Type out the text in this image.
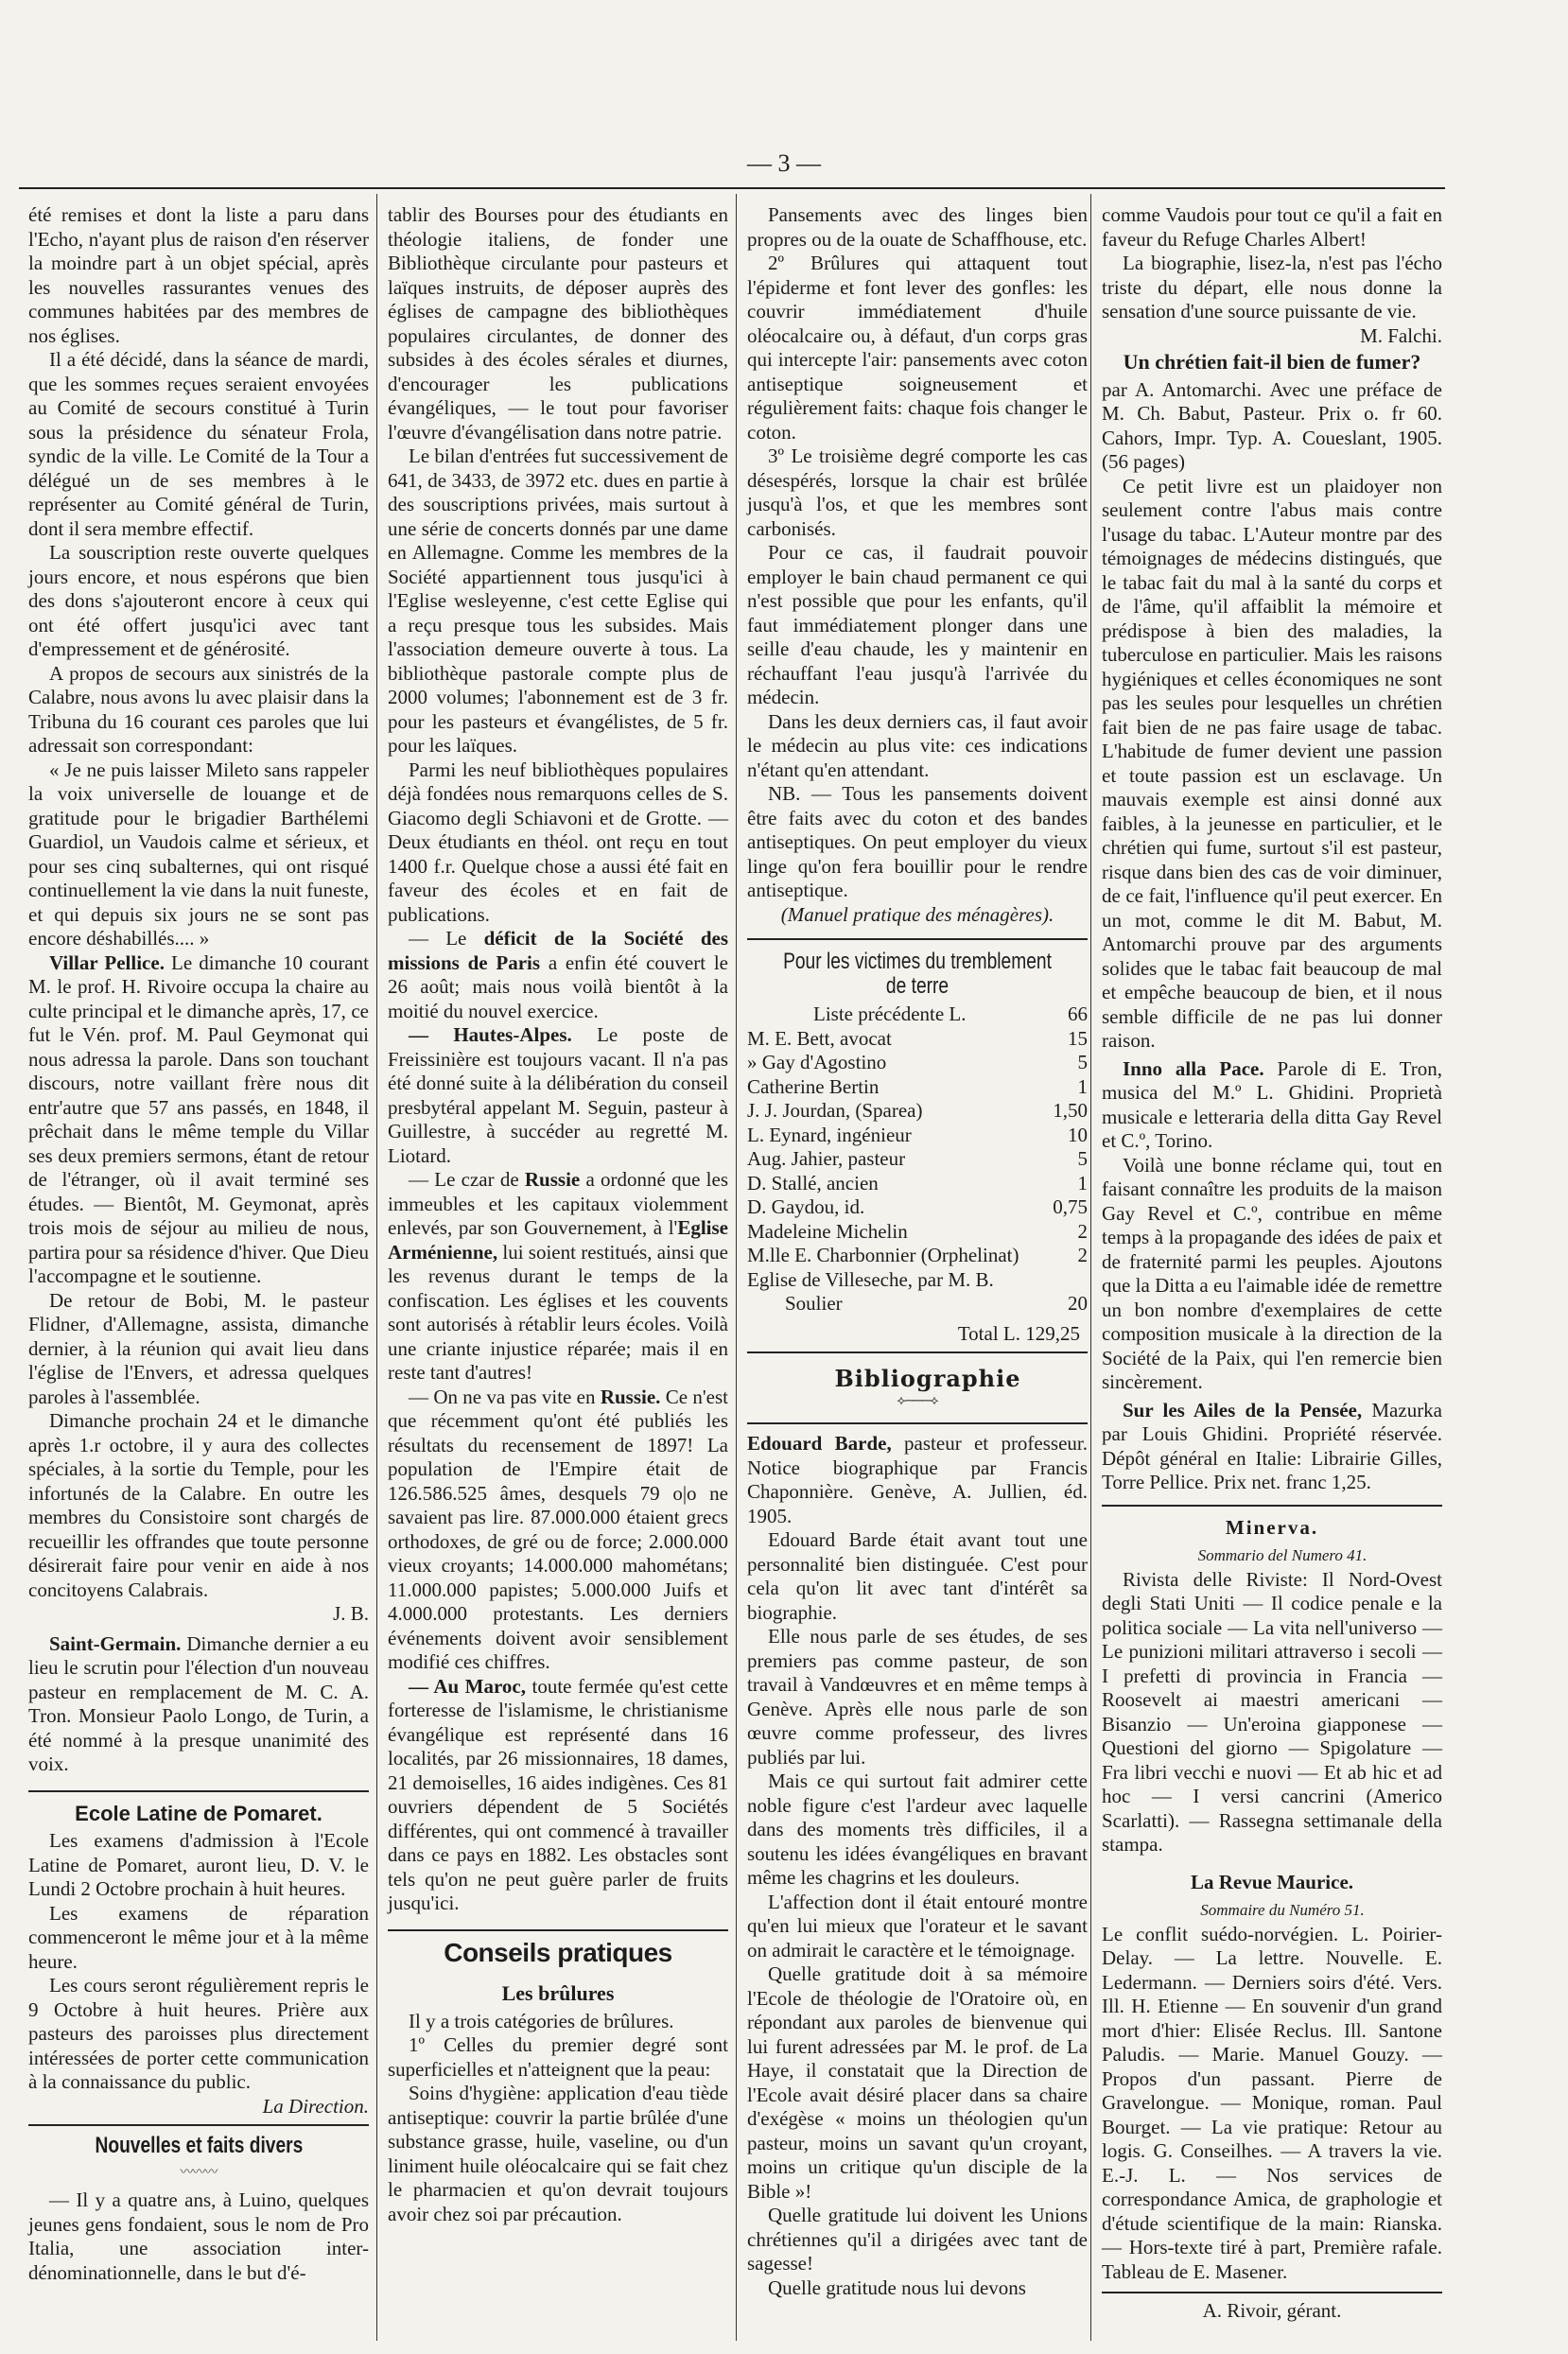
— 3 —

été remises et dont la liste a paru dans l'Echo, n'ayant plus de raison d'en réserver la moindre part à un objet spécial, après les nouvelles rassurantes venues des communes habitées par des membres de nos églises.

Il a été décidé, dans la séance de mardi, que les sommes reçues seraient envoyées au Comité de secours constitué à Turin sous la présidence du sénateur Frola, syndic de la ville. Le Comité de la Tour a délégué un de ses membres à le représenter au Comité général de Turin, dont il sera membre effectif.

La souscription reste ouverte quelques jours encore, et nous espérons que bien des dons s'ajouteront encore à ceux qui ont été offert jusqu'ici avec tant d'empressement et de générosité.

A propos de secours aux sinistrés de la Calabre, nous avons lu avec plaisir dans la Tribuna du 16 courant ces paroles que lui adressait son correspondant:

« Je ne puis laisser Mileto sans rappeler la voix universelle de louange et de gratitude pour le brigadier Barthélemi Guardiol, un Vaudois calme et sérieux, et pour ses cinq subalternes, qui ont risqué continuellement la vie dans la nuit funeste, et qui depuis six jours ne se sont pas encore déshabillés.... »

Villar Pellice. Le dimanche 10 courant M. le prof. H. Rivoire occupa la chaire au culte principal et le dimanche après, 17, ce fut le Vén. prof. M. Paul Geymonat qui nous adressa la parole. Dans son touchant discours, notre vaillant frère nous dit entr'autre que 57 ans passés, en 1848, il prêchait dans le même temple du Villar ses deux premiers sermons, étant de retour de l'étranger, où il avait terminé ses études. — Bientôt, M. Geymonat, après trois mois de séjour au milieu de nous, partira pour sa résidence d'hiver. Que Dieu l'accompagne et le soutienne.

De retour de Bobi, M. le pasteur Flidner, d'Allemagne, assista, dimanche dernier, à la réunion qui avait lieu dans l'église de l'Envers, et adressa quelques paroles à l'assemblée.

Dimanche prochain 24 et le dimanche après 1.r octobre, il y aura des collectes spéciales, à la sortie du Temple, pour les infortunés de la Calabre. En outre les membres du Consistoire sont chargés de recueillir les offrandes que toute personne désirerait faire pour venir en aide à nos concitoyens Calabrais.

J. B.

Saint-Germain. Dimanche dernier a eu lieu le scrutin pour l'élection d'un nouveau pasteur en remplacement de M. C. A. Tron. Monsieur Paolo Longo, de Turin, a été nommé à la presque unanimité des voix.

Ecole Latine de Pomaret.

Les examens d'admission à l'Ecole Latine de Pomaret, auront lieu, D. V. le Lundi 2 Octobre prochain à huit heures.

Les examens de réparation commenceront le même jour et à la même heure.

Les cours seront régulièrement repris le 9 Octobre à huit heures. Prière aux pasteurs des paroisses plus directement intéressées de porter cette communication à la connaissance du public.

La Direction.

Nouvelles et faits divers

〰〰〰

— Il y a quatre ans, à Luino, quelques jeunes gens fondaient, sous le nom de Pro Italia, une association inter-dénominationnelle, dans le but d'é-

tablir des Bourses pour des étudiants en théologie italiens, de fonder une Bibliothèque circulante pour pasteurs et laïques instruits, de déposer auprès des églises de campagne des bibliothèques populaires circulantes, de donner des subsides à des écoles sérales et diurnes, d'encourager les publications évangéliques, — le tout pour favoriser l'œuvre d'évangélisation dans notre patrie.

Le bilan d'entrées fut successivement de 641, de 3433, de 3972 etc. dues en partie à des souscriptions privées, mais surtout à une série de concerts donnés par une dame en Allemagne. Comme les membres de la Société appartiennent tous jusqu'ici à l'Eglise wesleyenne, c'est cette Eglise qui a reçu presque tous les subsides. Mais l'association demeure ouverte à tous. La bibliothèque pastorale compte plus de 2000 volumes; l'abonnement est de 3 fr. pour les pasteurs et évangélistes, de 5 fr. pour les laïques.

Parmi les neuf bibliothèques populaires déjà fondées nous remarquons celles de S. Giacomo degli Schiavoni et de Grotte. — Deux étudiants en théol. ont reçu en tout 1400 f.r. Quelque chose a aussi été fait en faveur des écoles et en fait de publications.

— Le déficit de la Société des missions de Paris a enfin été couvert le 26 août; mais nous voilà bientôt à la moitié du nouvel exercice.

— Hautes-Alpes. Le poste de Freissinière est toujours vacant. Il n'a pas été donné suite à la délibération du conseil presbytéral appelant M. Seguin, pasteur à Guillestre, à succéder au regretté M. Liotard.

— Le czar de Russie a ordonné que les immeubles et les capitaux violemment enlevés, par son Gouvernement, à l'Eglise Arménienne, lui soient restitués, ainsi que les revenus durant le temps de la confiscation. Les églises et les couvents sont autorisés à rétablir leurs écoles. Voilà une criante injustice réparée; mais il en reste tant d'autres!

— On ne va pas vite en Russie. Ce n'est que récemment qu'ont été publiés les résultats du recensement de 1897! La population de l'Empire était de 126.586.525 âmes, desquels 79 o|o ne savaient pas lire. 87.000.000 étaient grecs orthodoxes, de gré ou de force; 2.000.000 vieux croyants; 14.000.000 mahométans; 11.000.000 papistes; 5.000.000 Juifs et 4.000.000 protestants. Les derniers événements doivent avoir sensiblement modifié ces chiffres.

— Au Maroc, toute fermée qu'est cette forteresse de l'islamisme, le christianisme évangélique est représenté dans 16 localités, par 26 missionnaires, 18 dames, 21 demoiselles, 16 aides indigènes. Ces 81 ouvriers dépendent de 5 Sociétés différentes, qui ont commencé à travailler dans ce pays en 1882. Les obstacles sont tels qu'on ne peut guère parler de fruits jusqu'ici.

Conseils pratiques

Les brûlures

Il y a trois catégories de brûlures.

1º Celles du premier degré sont superficielles et n'atteignent que la peau:

Soins d'hygiène: application d'eau tiède antiseptique: couvrir la partie brûlée d'une substance grasse, huile, vaseline, ou d'un liniment huile oléocalcaire qui se fait chez le pharmacien et qu'on devrait toujours avoir chez soi par précaution.

Pansements avec des linges bien propres ou de la ouate de Schaffhouse, etc.

2º Brûlures qui attaquent tout l'épiderme et font lever des gonfles: les couvrir immédiatement d'huile oléocalcaire ou, à défaut, d'un corps gras qui intercepte l'air: pansements avec coton antiseptique soigneusement et régulièrement faits: chaque fois changer le coton.

3º Le troisième degré comporte les cas désespérés, lorsque la chair est brûlée jusqu'à l'os, et que les membres sont carbonisés.

Pour ce cas, il faudrait pouvoir employer le bain chaud permanent ce qui n'est possible que pour les enfants, qu'il faut immédiatement plonger dans une seille d'eau chaude, les y maintenir en réchauffant l'eau jusqu'à l'arrivée du médecin.

Dans les deux derniers cas, il faut avoir le médecin au plus vite: ces indications n'étant qu'en attendant.

NB. — Tous les pansements doivent être faits avec du coton et des bandes antiseptiques. On peut employer du vieux linge qu'on fera bouillir pour le rendre antiseptique.

(Manuel pratique des ménagères).

Pour les victimes du tremblement de terre

Liste précédente L.	66
M. E. Bett, avocat	15
» Gay d'Agostino	5
Catherine Bertin	1
J. J. Jourdan, (Sparea)	1,50
L. Eynard, ingénieur	10
Aug. Jahier, pasteur	5
D. Stallé, ancien	1
D. Gaydou, id.	0,75
Madeleine Michelin	2
M.lle E. Charbonnier (Orphelinat)	2
Eglise de Villeseche, par M. B.
Soulier	20
Total L. 129,25

Bibliographie

⟡───⟡

Edouard Barde, pasteur et professeur. Notice biographique par Francis Chaponnière. Genève, A. Jullien, éd. 1905.

Edouard Barde était avant tout une personnalité bien distinguée. C'est pour cela qu'on lit avec tant d'intérêt sa biographie.

Elle nous parle de ses études, de ses premiers pas comme pasteur, de son travail à Vandœuvres et en même temps à Genève. Après elle nous parle de son œuvre comme professeur, des livres publiés par lui.

Mais ce qui surtout fait admirer cette noble figure c'est l'ardeur avec laquelle dans des moments très difficiles, il a soutenu les idées évangéliques en bravant même les chagrins et les douleurs.

L'affection dont il était entouré montre qu'en lui mieux que l'orateur et le savant on admirait le caractère et le témoignage.

Quelle gratitude doit à sa mémoire l'Ecole de théologie de l'Oratoire où, en répondant aux paroles de bienvenue qui lui furent adressées par M. le prof. de La Haye, il constatait que la Direction de l'Ecole avait désiré placer dans sa chaire d'exégèse « moins un théologien qu'un pasteur, moins un savant qu'un croyant, moins un critique qu'un disciple de la Bible »!

Quelle gratitude lui doivent les Unions chrétiennes qu'il a dirigées avec tant de sagesse!

Quelle gratitude nous lui devons

comme Vaudois pour tout ce qu'il a fait en faveur du Refuge Charles Albert!

La biographie, lisez-la, n'est pas l'écho triste du départ, elle nous donne la sensation d'une source puissante de vie.

M. Falchi.

Un chrétien fait-il bien de fumer?

par A. Antomarchi. Avec une préface de M. Ch. Babut, Pasteur. Prix o. fr 60. Cahors, Impr. Typ. A. Coueslant, 1905. (56 pages)

Ce petit livre est un plaidoyer non seulement contre l'abus mais contre l'usage du tabac. L'Auteur montre par des témoignages de médecins distingués, que le tabac fait du mal à la santé du corps et de l'âme, qu'il affaiblit la mémoire et prédispose à bien des maladies, la tuberculose en particulier. Mais les raisons hygiéniques et celles économiques ne sont pas les seules pour lesquelles un chrétien fait bien de ne pas faire usage de tabac. L'habitude de fumer devient une passion et toute passion est un esclavage. Un mauvais exemple est ainsi donné aux faibles, à la jeunesse en particulier, et le chrétien qui fume, surtout s'il est pasteur, risque dans bien des cas de voir diminuer, de ce fait, l'influence qu'il peut exercer. En un mot, comme le dit M. Babut, M. Antomarchi prouve par des arguments solides que le tabac fait beaucoup de mal et empêche beaucoup de bien, et il nous semble difficile de ne pas lui donner raison.

Inno alla Pace. Parole di E. Tron, musica del M.º L. Ghidini. Proprietà musicale e letteraria della ditta Gay Revel et C.º, Torino.

Voilà une bonne réclame qui, tout en faisant connaître les produits de la maison Gay Revel et C.º, contribue en même temps à la propagande des idées de paix et de fraternité parmi les peuples. Ajoutons que la Ditta a eu l'aimable idée de remettre un bon nombre d'exemplaires de cette composition musicale à la direction de la Société de la Paix, qui l'en remercie bien sincèrement.

Sur les Ailes de la Pensée, Mazurka par Louis Ghidini. Propriété réservée. Dépôt général en Italie: Librairie Gilles, Torre Pellice. Prix net. franc 1,25.

Minerva.

Sommario del Numero 41.

Rivista delle Riviste: Il Nord-Ovest degli Stati Uniti — Il codice penale e la politica sociale — La vita nell'universo — Le punizioni militari attraverso i secoli — I prefetti di provincia in Francia — Roosevelt ai maestri americani — Bisanzio — Un'eroina giapponese — Questioni del giorno — Spigolature — Fra libri vecchi e nuovi — Et ab hic et ad hoc — I versi cancrini (Americo Scarlatti). — Rassegna settimanale della stampa.

La Revue Maurice.

Sommaire du Numéro 51.

Le conflit suédo-norvégien. L. Poirier-Delay. — La lettre. Nouvelle. E. Ledermann. — Derniers soirs d'été. Vers. Ill. H. Etienne — En souvenir d'un grand mort d'hier: Elisée Reclus. Ill. Santone Paludis. — Marie. Manuel Gouzy. — Propos d'un passant. Pierre de Gravelongue. — Monique, roman. Paul Bourget. — La vie pratique: Retour au logis. G. Conseilhes. — A travers la vie. E.-J. L. — Nos services de correspondance Amica, de graphologie et d'étude scientifique de la main: Rianska. — Hors-texte tiré à part, Première rafale. Tableau de E. Masener.

A. Rivoir, gérant.
